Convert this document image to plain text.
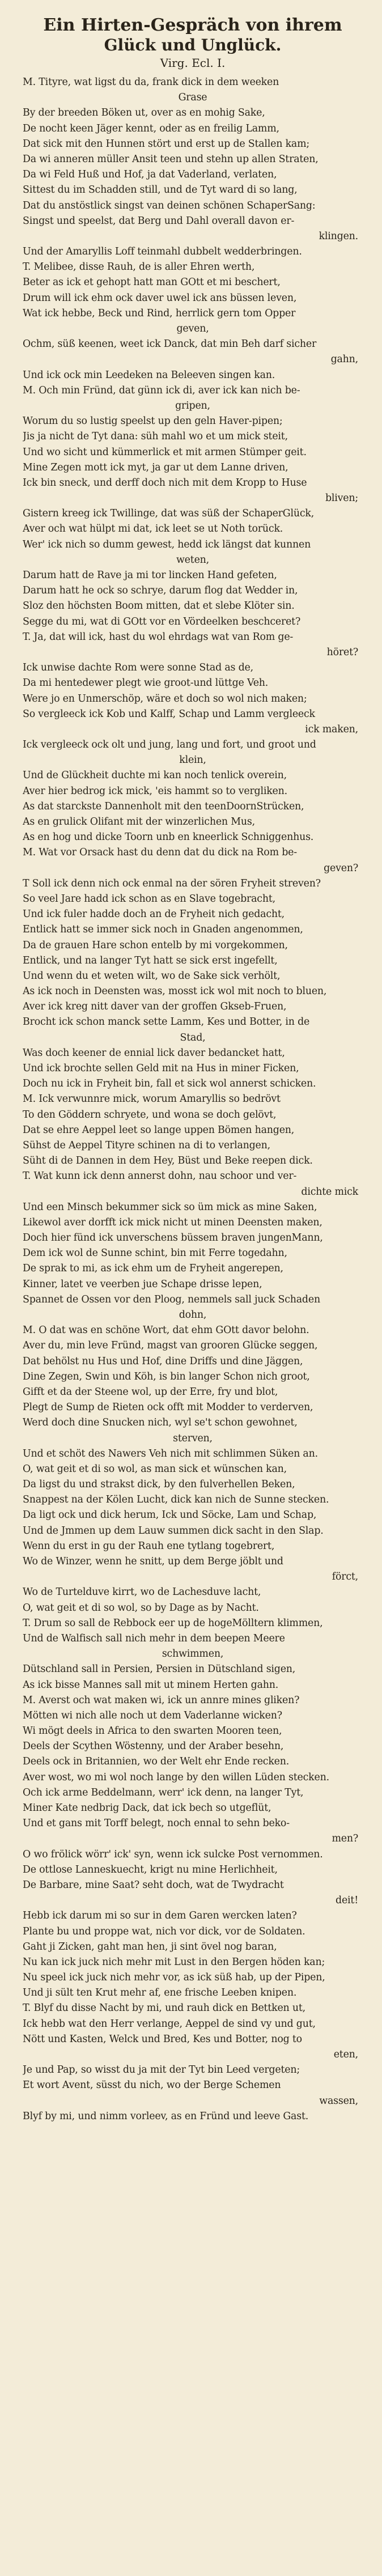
Ein Hirten-Gespräch von ihrem
Glück und Unglück.
Virg. Ecl. I.
M. Tityre, wat ligst du da, frank dick in dem weeken
Grase
By der breeden Böken ut, over as en mohig Sake,
De nocht keen Jäger kennt, oder as en freilig Lamm,
Dat sick mit den Hunnen stört und erst up de Stallen kam;
Da wi anneren müller Ansit teen und stehn up allen Straten,
Da wi Feld Huß und Hof, ja dat Vaderland, verlaten,
Sittest du im Schadden still, und de Tyt ward di so lang,
Dat du anstöstlick singst van deinen schönen SchaperSang:
Singst und speelst, dat Berg und Dahl overall davon er-
klingen.
Und der Amaryllis Loff teinmahl dubbelt wedderbringen.
T. Melibee, disse Rauh, de is aller Ehren werth,
Beter as ick et gehopt hatt man GOtt et mi beschert,
Drum will ick ehm ock daver uwel ick ans büssen leven,
Wat ick hebbe, Beck und Rind, herrlick gern tom Opper
geven,
Ochm, süß keenen, weet ick Danck, dat min Beh darf sicher
gahn,
Und ick ock min Leedeken na Beleeven singen kan.
M. Och min Fründ, dat günn ick di, aver ick kan nich be-
gripen,
Worum du so lustig speelst up den geln Haver-pipen;
Jis ja nicht de Tyt dana: süh mahl wo et um mick steit,
Und wo sicht und kümmerlick et mit armen Stümper geit.
Mine Zegen mott ick myt, ja gar ut dem Lanne driven,
Ick bin sneck, und derff doch nich mit dem Kropp to Huse
bliven;
Gistern kreeg ick Twillinge, dat was süß der SchaperGlück,
Aver och wat hülpt mi dat, ick leet se ut Noth torück.
Wer' ick nich so dumm gewest, hedd ick längst dat kunnen
weten,
Darum hatt de Rave ja mi tor lincken Hand gefeten,
Darum hatt he ock so schrye, darum flog dat Wedder in,
Sloz den höchsten Boom mitten, dat et slebe Klöter sin.
Segge du mi, wat di GOtt vor en Vördeelken beschceret?
T. Ja, dat will ick, hast du wol ehrdags wat van Rom ge-
höret?
Ick unwise dachte Rom were sonne Stad as de,
Da mi hentedewer plegt wie groot-und lüttge Veh.
Were jo en Unmerschöp, wäre et doch so wol nich maken;
So vergleeck ick Kob und Kalff, Schap und Lamm vergleeck
ick maken,
Ick vergleeck ock olt und jung, lang und fort, und groot und
klein,
Und de Glückheit duchte mi kan noch tenlick overein,
Aver hier bedrog ick mick, 'eis hammt so to vergliken.
As dat starckste Dannenholt mit den teenDoornStrücken,
As en grulick Olifant mit der winzerlichen Mus,
As en hog und dicke Toorn unb en kneerlick Schniggenhus.
M. Wat vor Orsack hast du denn dat du dick na Rom be-
geven?
T Soll ick denn nich ock enmal na der sören Fryheit streven?
So veel Jare hadd ick schon as en Slave togebracht,
Und ick fuler hadde doch an de Fryheit nich gedacht,
Entlick hatt se immer sick noch in Gnaden angenommen,
Da de grauen Hare schon entelb by mi vorgekommen,
Entlick, und na langer Tyt hatt se sick erst ingefellt,
Und wenn du et weten wilt, wo de Sake sick verhölt,
As ick noch in Deensten was, mosst ick wol mit noch to bluen,
Aver ick kreg nitt daver van der groffen Gkseb-Fruen,
Brocht ick schon manck sette Lamm, Kes und Botter, in de
Stad,
Was doch keener de ennial lick daver bedancket hatt,
Und ick brochte sellen Geld mit na Hus in miner Ficken,
Doch nu ick in Fryheit bin, fall et sick wol annerst schicken.
M. Ick verwunnre mick, worum Amaryllis so bedrövt
To den Göddern schryete, und wona se doch gelövt,
Dat se ehre Aeppel leet so lange uppen Bömen hangen,
Sühst de Aeppel Tityre schinen na di to verlangen,
Süht di de Dannen in dem Hey, Büst und Beke reepen dick.
T. Wat kunn ick denn annerst dohn, nau schoor und ver-
dichte mick
Und een Minsch bekummer sick so üm mick as mine Saken,
Likewol aver dorfft ick mick nicht ut minen Deensten maken,
Doch hier fünd ick unverschens büssem braven jungenMann,
Dem ick wol de Sunne schint, bin mit Ferre togedahn,
De sprak to mi, as ick ehm um de Fryheit angerepen,
Kinner, latet ve veerben jue Schape drisse lepen,
Spannet de Ossen vor den Ploog, nemmels sall juck Schaden
dohn,
M. O dat was en schöne Wort, dat ehm GOtt davor belohn.
Aver du, min leve Fründ, magst van grooren Glücke seggen,
Dat behölst nu Hus und Hof, dine Driffs und dine Jäggen,
Dine Zegen, Swin und Köh, is bin langer Schon nich groot,
Gifft et da der Steene wol, up der Erre, fry und blot,
Plegt de Sump de Rieten ock offt mit Modder to verderven,
Werd doch dine Snucken nich, wyl se't schon gewohnet,
sterven,
Und et schöt des Nawers Veh nich mit schlimmen Süken an.
O, wat geit et di so wol, as man sick et wünschen kan,
Da ligst du und strakst dick, by den fulverhellen Beken,
Snappest na der Kölen Lucht, dick kan nich de Sunne stecken.
Da ligt ock und dick herum, Ick und Söcke, Lam und Schap,
Und de Jmmen up dem Lauw summen dick sacht in den Slap.
Wenn du erst in gu der Rauh ene tytlang togebrert,
Wo de Winzer, wenn he snitt, up dem Berge jöblt und
förct,
Wo de Turtelduve kirrt, wo de Lachesduve lacht,
O, wat geit et di so wol, so by Dage as by Nacht.
T. Drum so sall de Rebbock eer up de hogeMölltern klimmen,
Und de Walfisch sall nich mehr in dem beepen Meere
schwimmen,
Dütschland sall in Persien, Persien in Dütschland sigen,
As ick bisse Mannes sall mit ut minem Herten gahn.
M. Averst och wat maken wi, ick un annre mines gliken?
Mötten wi nich alle noch ut dem Vaderlanne wicken?
Wi mögt deels in Africa to den swarten Mooren teen,
Deels der Scythen Wöstenny, und der Araber besehn,
Deels ock in Britannien, wo der Welt ehr Ende recken.
Aver wost, wo mi wol noch lange by den willen Lüden stecken.
Och ick arme Beddelmann, werr' ick denn, na langer Tyt,
Miner Kate nedbrig Dack, dat ick bech so utgeflüt,
Und et gans mit Torff belegt, noch ennal to sehn beko-
men?
O wo frölick wörr' ick' syn, wenn ick sulcke Post vernommen.
De ottlose Lanneskuecht, krigt nu mine Herlichheit,
De Barbare, mine Saat? seht doch, wat de Twydracht
deit!
Hebb ick darum mi so sur in dem Garen wercken laten?
Plante bu und proppe wat, nich vor dick, vor de Soldaten.
Gaht ji Zicken, gaht man hen, ji sint övel nog baran,
Nu kan ick juck nich mehr mit Lust in den Bergen höden kan;
Nu speel ick juck nich mehr vor, as ick süß hab, up der Pipen,
Und ji sült ten Krut mehr af, ene frische Leeben knipen.
T. Blyf du disse Nacht by mi, und rauh dick en Bettken ut,
Ick hebb wat den Herr verlange, Aeppel de sind vy und gut,
Nött und Kasten, Welck und Bred, Kes und Botter, nog to
eten,
Je und Pap, so wisst du ja mit der Tyt bin Leed vergeten;
Et wort Avent, süsst du nich, wo der Berge Schemen
wassen,
Blyf by mi, und nimm vorleev, as en Fründ und leeve Gast.
